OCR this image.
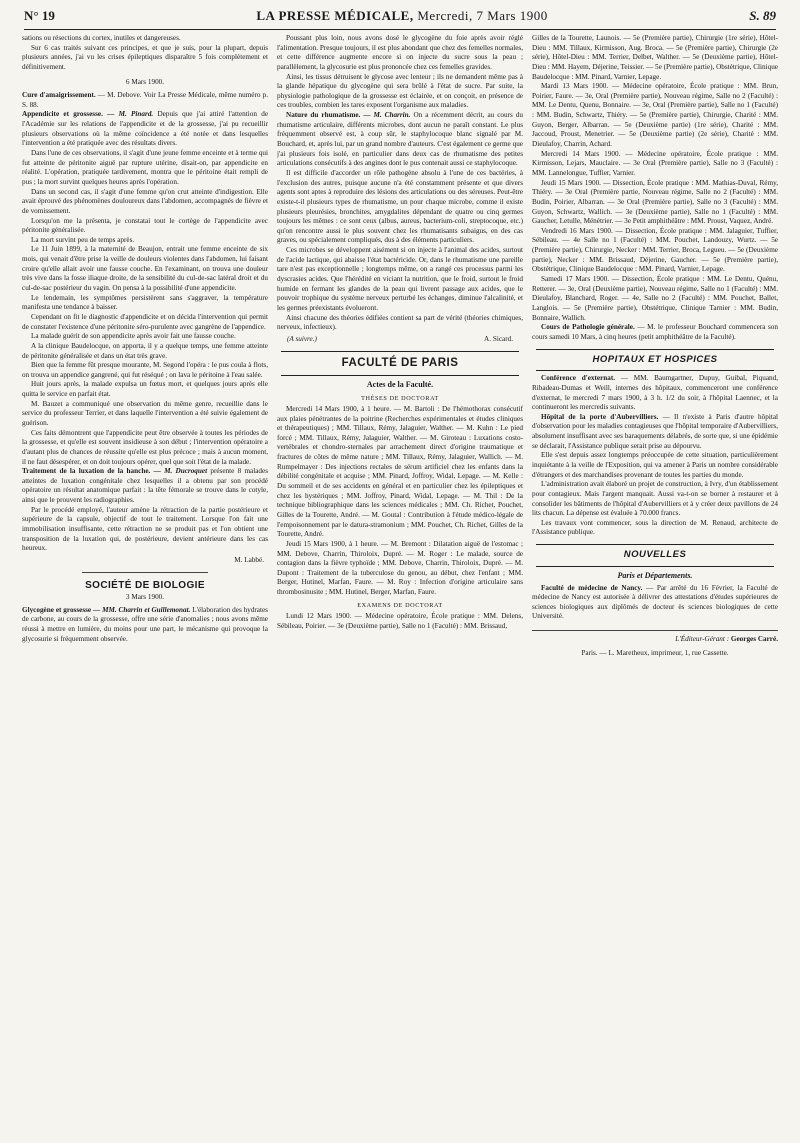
N° 19	LA PRESSE MÉDICALE, Mercredi, 7 Mars 1900	S. 89

sations ou résections du cortex, inutiles et dangereuses.

Sur 6 cas traités suivant ces principes, et que je suis, pour la plupart, depuis plusieurs années, j'ai vu les crises épileptiques disparaître 5 fois complètement et définitivement.

6 Mars 1900.

Cure d'amaigrissement. — M. Debove. Voir La Presse Médicale, même numéro p. S. 88.

Appendicite et grossesse. — M. Pinard. Depuis que j'ai attiré l'attention de l'Académie sur les relations de l'appendicite et de la grossesse, j'ai pu recueillir plusieurs observations où la même coïncidence a été notée et dans lesquelles l'intervention a été pratiquée avec des résultats divers.

Dans l'une de ces observations, il s'agit d'une jeune femme enceinte et à terme qui fut atteinte de péritonite aiguë par rupture utérine, disait-on, par appendicite en réalité. L'opération, pratiquée tardivement, montra que le péritoine était rempli de pus ; la mort survint quelques heures après l'opération.

Dans un second cas, il s'agit d'une femme qu'on crut atteinte d'indigestion. Elle avait éprouvé des phénomènes douloureux dans l'abdomen, accompagnés de fièvre et de vomissement.

Lorsqu'on me la présenta, je constatai tout le cortège de l'appendicite avec péritonite généralisée.

La mort survint peu de temps après.

Le 11 Juin 1899, à la maternité de Beaujon, entrait une femme enceinte de six mois, qui venait d'être prise la veille de douleurs violentes dans l'abdomen, lui faisant croire qu'elle allait avoir une fausse couche. En l'examinant, on trouva une douleur très vive dans la fosse iliaque droite, de la sensibilité du cul-de-sac latéral droit et du cul-de-sac postérieur du vagin. On pensa à la possibilité d'une appendicite.

Le lendemain, les symptômes persistèrent sans s'aggraver, la température manifesta une tendance à baisser.

Cependant on fit le diagnostic d'appendicite et on décida l'intervention qui permit de constater l'existence d'une péritonite séro-purulente avec gangrène de l'appendice.

La malade guérit de son appendicite après avoir fait une fausse couche.

A la clinique Baudelocque, on apporta, il y a quelque temps, une femme atteinte de péritonite généralisée et dans un état très grave.

Bien que la femme fût presque mourante, M. Segond l'opéra : le pus coula à flots, on trouva un appendice gangrené, qui fut réséqué ; on lava le péritoine à l'eau salée.

Huit jours après, la malade expulsa un fœtus mort, et quelques jours après elle quitta le service en parfait état.

M. Bauzet a communiqué une observation du même genre, recueillie dans le service du professeur Terrier, et dans laquelle l'intervention a été suivie également de guérison.

Ces faits démontrent que l'appendicite peut être observée à toutes les périodes de la grossesse, et qu'elle est souvent insidieuse à son début ; l'intervention opératoire a d'autant plus de chances de réussite qu'elle est plus précoce ; mais à aucun moment, il ne faut désespérer, et on doit toujours opérer, quel que soit l'état de la malade.

Traitement de la luxation de la hanche. — M. Ducroquet présente 8 malades atteintes de luxation congénitale chez lesquelles il a obtenu par son procédé opératoire un résultat anatomique parfait : la tête fémorale se trouve dans le cotyle, ainsi que le prouvent les radiographies.

Par le procédé employé, l'auteur amène la rétraction de la partie postérieure et supérieure de la capsule, objectif de tout le traitement. Lorsque l'on fait une immobilisation insuffisante, cette rétraction ne se produit pas et l'on obtient une transposition de la luxation qui, de postérieure, devient antérieure dans les cas heureux.

M. Labbé.
SOCIÉTÉ DE BIOLOGIE
3 Mars 1900.

Glycogène et grossesse — MM. Charrin et Guillemonat. L'élaboration des hydrates de carbone, au cours de la grossesse, offre une série d'anomalies ; nous avons même réussi à mettre en lumière, du moins pour une part, le mécanisme qui provoque la glycosurie si fréquemment observée.

Poussant plus loin, nous avons dosé le glycogène du foie après avoir réglé l'alimentation. Presque toujours, il est plus abondant que chez des femelles normales, et cette différence augmente encore si on injecte du sucre sous la peau ; parallèlement, la glycosurie est plus prononcée chez ces femelles gravides.

Ainsi, les tissus détruisent le glycose avec lenteur ; ils ne demandent même pas à la glande hépatique du glycogène qui sera brûlé à l'état de sucre. Par suite, la physiologie pathologique de la grossesse est éclairée, et on conçoit, en présence de ces troubles, combien les tares exposent l'organisme aux maladies.

Nature du rhumatisme. — M. Charrin. On a récemment décrit, au cours du rhumatisme articulaire, différents microbes, dont aucun ne paraît constant. Le plus fréquemment observé est, à coup sûr, le staphylocoque blanc signalé par M. Bouchard, et, après lui, par un grand nombre d'auteurs. C'est également ce germe que j'ai plusieurs fois isolé, en particulier dans deux cas de rhumatisme des petites articulations consécutifs à des angines dont le pus contenait aussi ce staphylocoque.

Il est difficile d'accorder un rôle pathogène absolu à l'une de ces bactéries, à l'exclusion des autres, puisque aucune n'a été constamment présente et que divers agents sont aptes à reproduire des lésions des articulations ou des séreuses. Peut-être existe-t-il plusieurs types de rhumatisme, un pour chaque microbe, comme il existe plusieurs pleurésies, bronchites, amygdalites dépendant de quatre ou cinq germes toujours les mêmes : ce sont ceux (albus, aureus, bacterium-coli, streptocoque, etc.) qu'on rencontre aussi le plus souvent chez les rhumatisants subaigus, en des cas graves, ou spécialement compliqués, dus à des éléments particuliers.

Ces microbes se développent aisément si on injecte à l'animal des acides, surtout de l'acide lactique, qui abaisse l'état bactéricide. Or, dans le rhumatisme une pareille tare n'est pas exceptionnelle ; longtemps même, on a rangé ces processus parmi les dyscrasies acides. Que l'hérédité en viciant la nutrition, que le froid, surtout le froid humide en fermant les glandes de la peau qui livrent passage aux acides, que le pouvoir trophique du système nerveux perturbé les échanges, diminue l'alcalinité, et les germes préexistants évolueront.

Ainsi chacune des théories édifiées contient sa part de vérité (théories chimiques, nerveux, infectieux).

(A suivre.)	A. Sicard.
FACULTÉ DE PARIS
Actes de la Faculté.
THÈSES DE DOCTORAT

Mercredi 14 Mars 1900, à 1 heure. — M. Bartoli : De l'hémothorax consécutif aux plaies pénétrantes de la poitrine (Recherches expérimentales et études cliniques et thérapeutiques) ; MM. Tillaux, Rémy, Jalaguier, Walther. — M. Kuhn : Le pied forcé ; MM. Tillaux, Rémy, Jalaguier, Walther. — M. Giroteau : Luxations costo-vertébrales et chondro-sternales par arrachement direct d'origine traumatique et fractures de côtes de même nature ; MM. Tillaux, Rémy, Jalaguier, Wallich. — M. Rumpelmayer : Des injections rectales de sérum artificiel chez les enfants dans la débilité congénitale et acquise ; MM. Pinard, Joffroy, Widal, Lepage. — M. Kelle : Du sommeil et de ses accidents en général et en particulier chez les épileptiques et chez les hystériques ; MM. Joffroy, Pinard, Widal, Lepage. — M. Thil : De la technique bibliographique dans les sciences médicales ; MM. Ch. Richet, Pouchet, Gilles de la Tourette, André. — M. Goutal : Contribution à l'étude médico-légale de l'empoisonnement par le datura-stramonium ; MM. Pouchet, Ch. Richet, Gilles de la Tourette, André.

Jeudi 15 Mars 1900, à 1 heure. — M. Bremont : Dilatation aiguë de l'estomac ; MM. Debove, Charrin, Thiroloix, Dupré. — M. Roger : Le malade, source de contagion dans la fièvre typhoïde ; MM. Debove, Charrin, Thiroloix, Dupré. — M. Dupont : Traitement de la tuberculose du genou, au début, chez l'enfant ; MM. Berger, Hutinel, Marfan, Faure. — M. Roy : Infection d'origine articulaire sans thrombosinusite ; MM. Hutinel, Berger, Marfan, Faure.

EXAMENS DE DOCTORAT

Lundi 12 Mars 1900. — Médecine opératoire, École pratique : MM. Delens, Sébileau, Poirier. — 3e (Deuxième partie), Salle no 1 (Faculté) : MM. Brissaud,

Gilles de la Tourette, Launois. — 5e (Première partie), Chirurgie (1re série), Hôtel-Dieu : MM. Tillaux, Kirmisson, Aug. Broca. — 5e (Première partie), Chirurgie (2e série), Hôtel-Dieu : MM. Terrier, Delbet, Walther. — 5e (Deuxième partie), Hôtel-Dieu : MM. Hayem, Déjerine, Teissier. — 5e (Première partie), Obstétrique, Clinique Baudelocque : MM. Pinard, Varnier, Lepage.

Mardi 13 Mars 1900. — Médecine opératoire, École pratique : MM. Brun, Poirier, Faure. — 3e, Oral (Première partie), Nouveau régime, Salle no 2 (Faculté) : MM. Le Dentu, Quenu, Bonnaire. — 3e, Oral (Première partie), Salle no 1 (Faculté) : MM. Budin, Schwartz, Thiéry. — 5e (Première partie), Chirurgie, Charité : MM. Guyon, Berger, Albarran. — 5e (Deuxième partie) (1re série), Charité : MM. Jaccoud, Proust, Menetrier. — 5e (Deuxième partie) (2e série), Charité : MM. Dieulafoy, Charrin, Achard.

Mercredi 14 Mars 1900. — Médecine opératoire, École pratique : MM. Kirmisson, Lejars, Mauclaire. — 3e Oral (Première partie), Salle no 3 (Faculté) : MM. Lannelongue, Tuffier, Varnier.

Jeudi 15 Mars 1900. — Dissection, École pratique : MM. Mathias-Duval, Rémy, Thiéry. — 3e Oral (Première partie, Nouveau régime, Salle no 2 (Faculté) : MM. Budin, Poirier, Albarran. — 3e Oral (Première partie), Salle no 3 (Faculté) : MM. Guyon, Schwartz, Wallich. — 3e (Deuxième partie), Salle no 1 (Faculté) : MM. Gaucher, Letulle, Ménétrier. — 3e Petit amphithéâtre : MM. Proust, Vaquez, André.

Vendredi 16 Mars 1900. — Dissection, École pratique : MM. Jalaguier, Tuffier, Sébileau. — 4e Salle no 1 (Faculté) : MM. Pouchet, Landouzy, Wurtz. — 5e (Première partie), Chirurgie, Necker : MM. Terrier, Broca, Legueu. — 5e (Deuxième partie), Necker : MM. Brissaud, Déjerine, Gaucher. — 5e (Première partie), Obstétrique, Clinique Baudelocque : MM. Pinard, Varnier, Lepage.

Samedi 17 Mars 1900. — Dissection, École pratique : MM. Le Dentu, Quénu, Retterer. — 3e, Oral (Deuxième partie), Nouveau régime, Salle no 1 (Faculté) : MM. Dieulafoy, Blanchard, Roger. — 4e, Salle no 2 (Faculté) : MM. Pouchet, Ballet, Langlois. — 5e (Première partie), Obstétrique, Clinique Tarnier : MM. Budin, Bonnaire, Wallich.

Cours de Pathologie générale. — M. le professeur Bouchard commencera son cours samedi 10 Mars, à cinq heures (petit amphithéâtre de la Faculté).

HOPITAUX ET HOSPICES

Conférence d'externat. — MM. Baumgartner, Dupuy, Guibal, Piquand, Ribadeau-Dumas et Weill, internes des hôpitaux, commenceront une conférence d'externat, le mercredi 7 mars 1900, à 3 h. 1/2 du soir, à l'hôpital Laennec, et la continueront les mercredis suivants.

Hôpital de la porte d'Aubervilliers. — Il n'existe à Paris d'autre hôpital d'observation pour les maladies contagieuses que l'hôpital temporaire d'Aubervilliers, absolument insuffisant avec ses baraquements délabrés, de sorte que, si une épidémie se déclarait, l'Assistance publique serait prise au dépourvu.

Elle s'est depuis assez longtemps préoccupée de cette situation, particulièrement inquiétante à la veille de l'Exposition, qui va amener à Paris un nombre considérable d'étrangers et des marchandises provenant de toutes les parties du monde.

L'administration avait élaboré un projet de construction, à Ivry, d'un établissement pour contagieux. Mais l'argent manquait. Aussi va-t-on se borner à restaurer et à consolider les bâtiments de l'hôpital d'Aubervilliers et à y créer deux pavillons de 24 lits chacun. La dépense est évaluée à 70.000 francs.

Les travaux vont commencer, sous la direction de M. Renaud, architecte de l'Assistance publique.

NOUVELLES
Paris et Départements.

Faculté de médecine de Nancy. — Par arrêté du 16 Février, la Faculté de médecine de Nancy est autorisée à délivrer des attestations d'études supérieures de sciences biologiques aux diplômés de docteur ès sciences biologiques de cette Université.

L'Éditeur-Gérant : Georges Carré.
Paris. — L. Maretheux, imprimeur, 1, rue Cassette.
